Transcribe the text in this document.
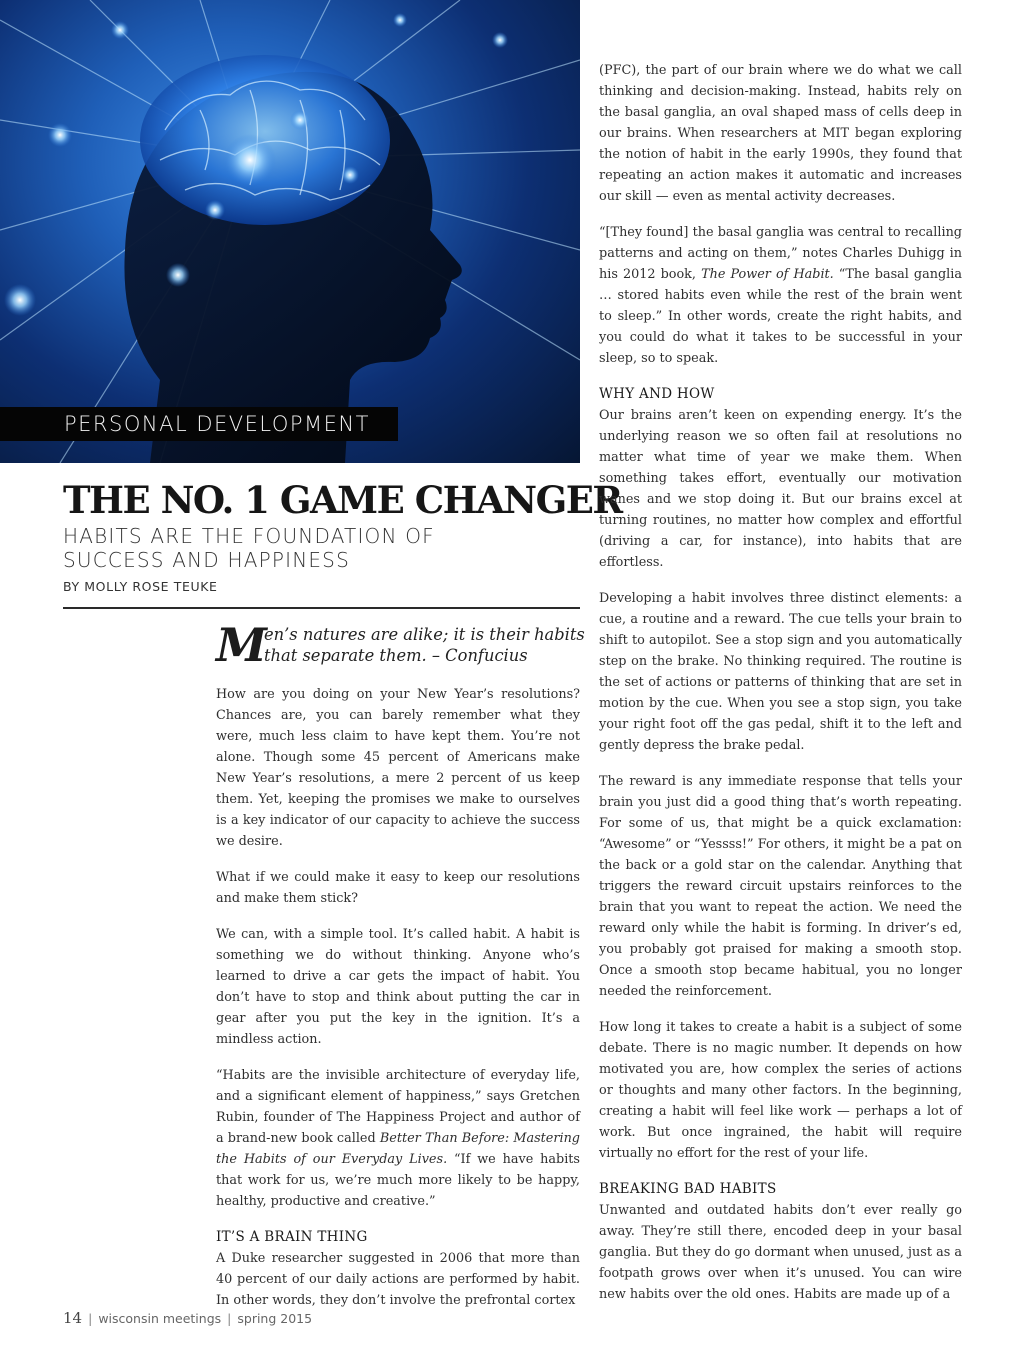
PERSONAL DEVELOPMENT
THE NO. 1 GAME CHANGER
HABITS ARE THE FOUNDATION OF SUCCESS AND HAPPINESS
BY MOLLY ROSE TEUKE
M
en’s natures are alike; it is their habits
that separate them. – Confucius

How are you doing on your New Year’s resolutions? Chances are, you can barely remember what they were, much less claim to have kept them. You’re not alone. Though some 45 percent of Americans make New Year’s resolutions, a mere 2 percent of us keep them. Yet, keeping the promises we make to ourselves is a key indicator of our capacity to achieve the success we desire.

What if we could make it easy to keep our resolutions and make them stick?

We can, with a simple tool. It’s called habit. A habit is something we do without thinking. Anyone who’s learned to drive a car gets the impact of habit. You don’t have to stop and think about putting the car in gear after you put the key in the ignition. It’s a mindless action.

“Habits are the invisible architecture of everyday life, and a significant element of happiness,” says Gretchen Rubin, founder of The Happiness Project and author of a brand-new book called Better Than Before: Mastering the Habits of our Everyday Lives. “If we have habits that work for us, we’re much more likely to be happy, healthy, productive and creative.”

IT’S A BRAIN THING

A Duke researcher suggested in 2006 that more than 40 percent of our daily actions are performed by habit. In other words, they don’t involve the prefrontal cortex

(PFC), the part of our brain where we do what we call thinking and decision-making. Instead, habits rely on the basal ganglia, an oval shaped mass of cells deep in our brains. When researchers at MIT began exploring the notion of habit in the early 1990s, they found that repeating an action makes it automatic and increases our skill — even as mental activity decreases.

“[They found] the basal ganglia was central to recalling patterns and acting on them,” notes Charles Duhigg in his 2012 book, The Power of Habit. “The basal ganglia … stored habits even while the rest of the brain went to sleep.” In other words, create the right habits, and you could do what it takes to be successful in your sleep, so to speak.

WHY AND HOW

Our brains aren’t keen on expending energy. It’s the underlying reason we so often fail at resolutions no matter what time of year we make them. When something takes effort, eventually our motivation wanes and we stop doing it. But our brains excel at turning routines, no matter how complex and effortful (driving a car, for instance), into habits that are effortless.

Developing a habit involves three distinct elements: a cue, a routine and a reward. The cue tells your brain to shift to autopilot. See a stop sign and you automatically step on the brake. No thinking required. The routine is the set of actions or patterns of thinking that are set in motion by the cue. When you see a stop sign, you take your right foot off the gas pedal, shift it to the left and gently depress the brake pedal.

The reward is any immediate response that tells your brain you just did a good thing that’s worth repeating. For some of us, that might be a quick exclamation: “Awesome” or “Yessss!” For others, it might be a pat on the back or a gold star on the calendar. Anything that triggers the reward circuit upstairs reinforces to the brain that you want to repeat the action. We need the reward only while the habit is forming. In driver’s ed, you probably got praised for making a smooth stop. Once a smooth stop became habitual, you no longer needed the reinforcement.

How long it takes to create a habit is a subject of some debate. There is no magic number. It depends on how motivated you are, how complex the series of actions or thoughts and many other factors. In the beginning, creating a habit will feel like work — perhaps a lot of work. But once ingrained, the habit will require virtually no effort for the rest of your life.

BREAKING BAD HABITS

Unwanted and outdated habits don’t ever really go away. They’re still there, encoded deep in your basal ganglia. But they do go dormant when unused, just as a footpath grows over when it’s unused. You can wire new habits over the old ones. Habits are made up of a

14 | wisconsin meetings | spring 2015
